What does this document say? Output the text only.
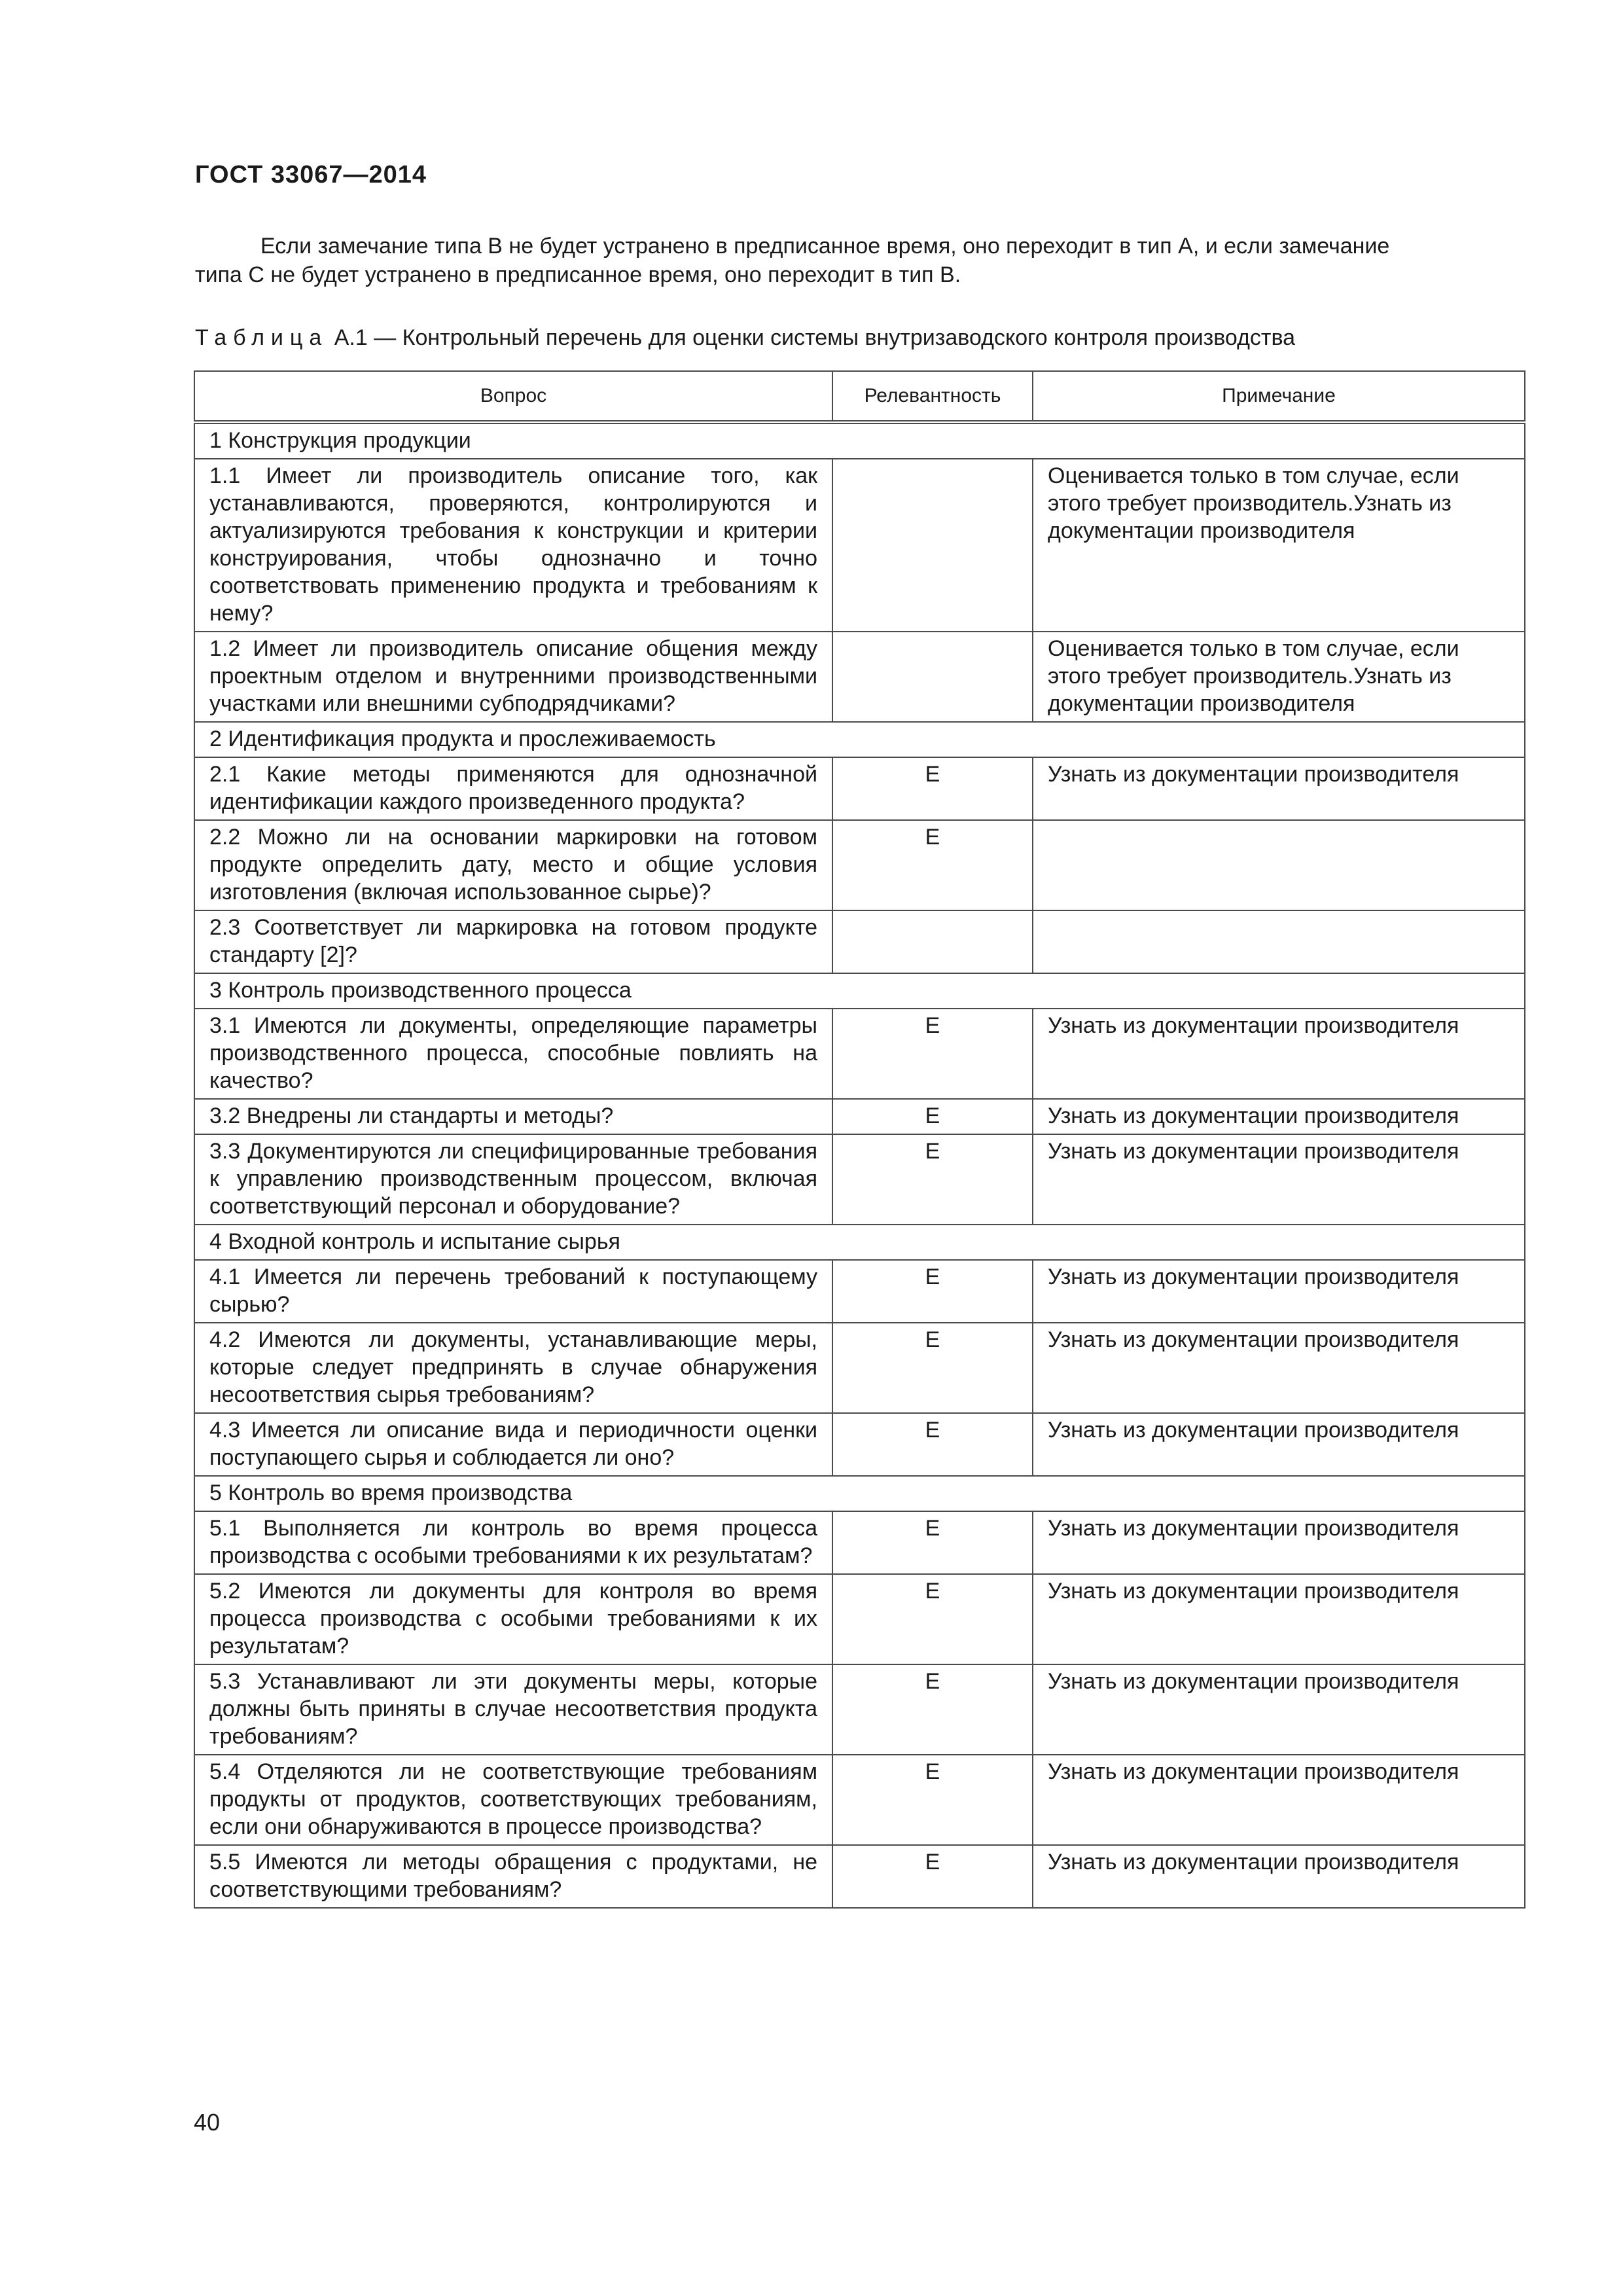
ГОСТ 33067—2014
Если замечание типа В не будет устранено в предписанное время, оно переходит в тип А, и если замечание
типа С не будет устранено в предписанное время, оно переходит в тип В.
Таблица А.1 — Контрольный перечень для оценки системы внутризаводского контроля производства
Вопрос	Релевантность	Примечание
1 Конструкция продукции		
1.1 Имеет ли производитель описание того, как устанавливаются, проверяются, контролируются и актуализируются требования к конструкции и критерии конструирования, чтобы однозначно и точно соответствовать применению продукта и требованиям к нему?		Оценивается только в том случае, если этого требует производитель.Узнать из документации производителя
1.2 Имеет ли производитель описание общения между проектным отделом и внутренними производственными участками или внешними субподрядчиками?		Оценивается только в том случае, если этого требует производитель.Узнать из документации производителя
2 Идентификация продукта и прослеживаемость		
2.1 Какие методы применяются для однозначной идентификации каждого произведенного продукта?	Е	Узнать из документации производителя
2.2 Можно ли на основании маркировки на готовом продукте определить дату, место и общие условия изготовления (включая использованное сырье)?	Е	
2.3 Соответствует ли маркировка на готовом продукте стандарту [2]?		
3 Контроль производственного процесса		
3.1 Имеются ли документы, определяющие параметры производственного процесса, способные повлиять на качество?	Е	Узнать из документации производителя
3.2 Внедрены ли стандарты и методы?	Е	Узнать из документации производителя
3.3 Документируются ли специфицированные требования к управлению производственным процессом, включая соответствующий персонал и оборудование?	Е	Узнать из документации производителя
4 Входной контроль и испытание сырья		
4.1 Имеется ли перечень требований к поступающему сырью?	Е	Узнать из документации производителя
4.2 Имеются ли документы, устанавливающие меры, которые следует предпринять в случае обнаружения несоответствия сырья требованиям?	Е	Узнать из документации производителя
4.3 Имеется ли описание вида и периодичности оценки поступающего сырья и соблюдается ли оно?	Е	Узнать из документации производителя
5 Контроль во время производства		
5.1 Выполняется ли контроль во время процесса производства с особыми требованиями к их результатам?	Е	Узнать из документации производителя
5.2 Имеются ли документы для контроля во время процесса производства с особыми требованиями к их результатам?	Е	Узнать из документации производителя
5.3 Устанавливают ли эти документы меры, которые должны быть приняты в случае несоответствия продукта требованиям?	Е	Узнать из документации производителя
5.4 Отделяются ли не соответствующие требованиям продукты от продуктов, соответствующих требованиям, если они обнаруживаются в процессе производства?	Е	Узнать из документации производителя
5.5 Имеются ли методы обращения с продуктами, не соответствующими требованиям?	Е	Узнать из документации производителя
40
